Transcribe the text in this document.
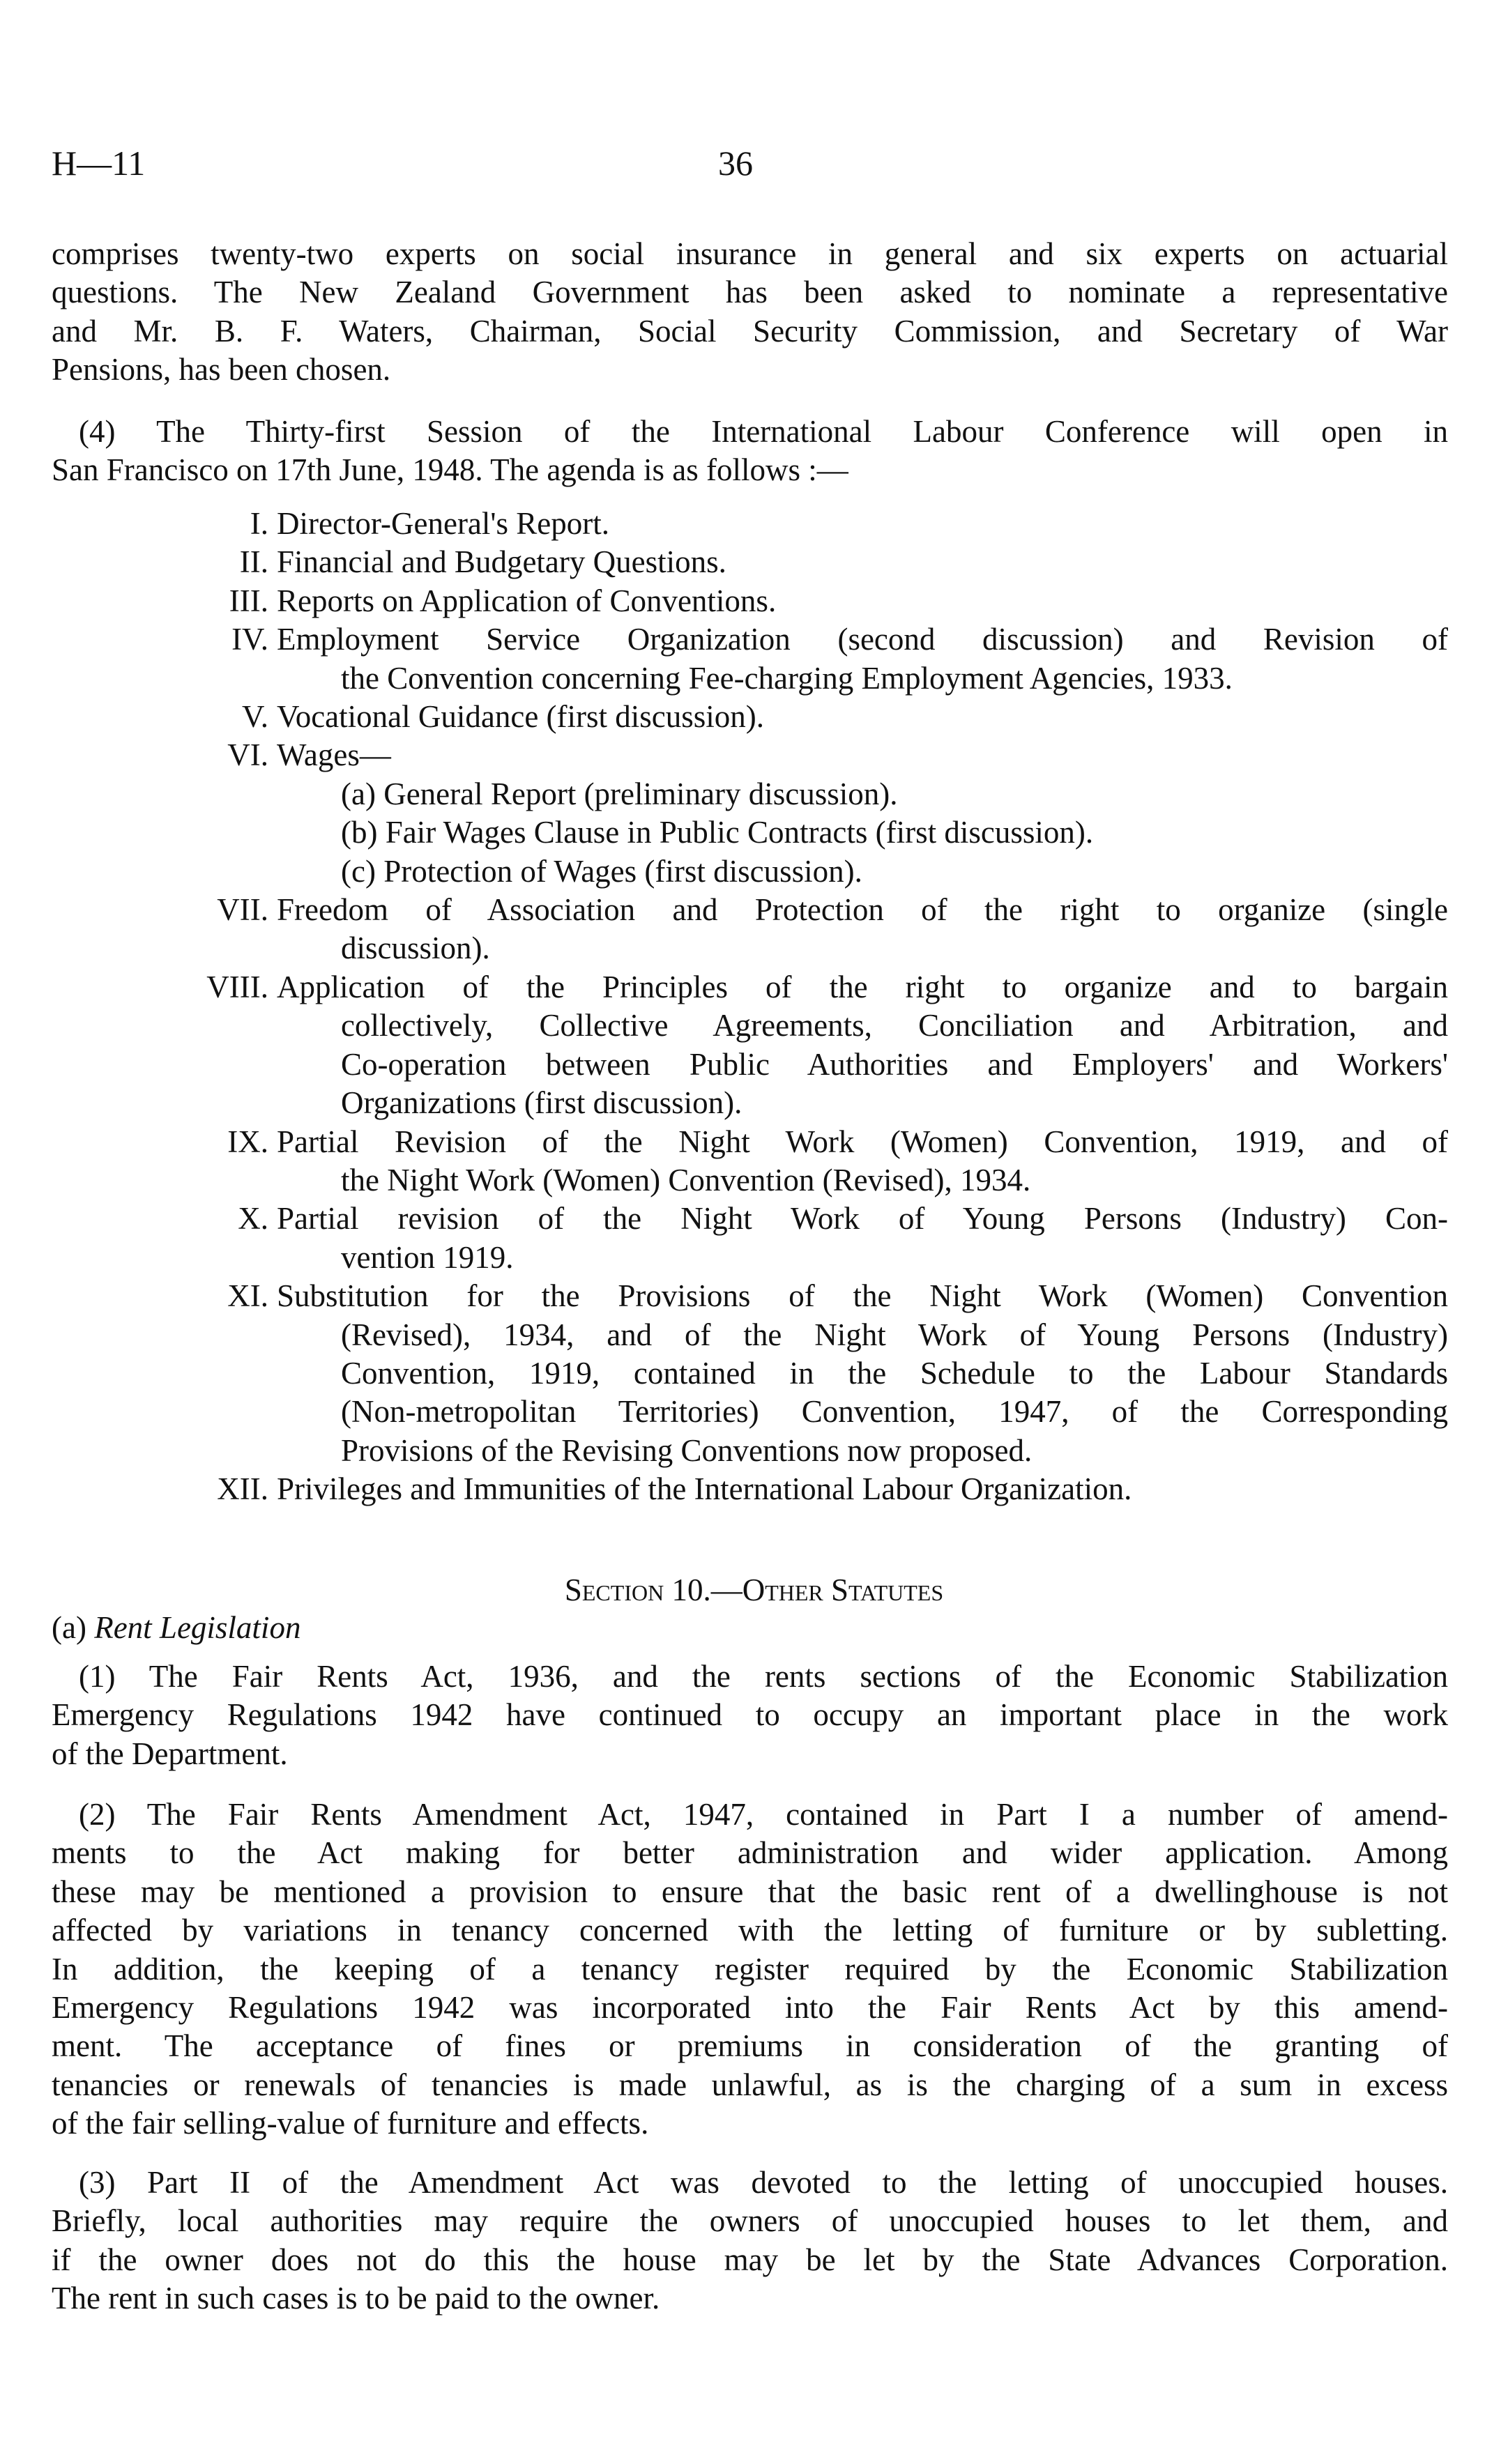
H—11	36
comprises twenty-two experts on social insurance in general and six experts on actuarial
questions. The New Zealand Government has been asked to nominate a representative
and Mr. B. F. Waters, Chairman, Social Security Commission, and Secretary of War
Pensions, has been chosen.
(4) The Thirty-first Session of the International Labour Conference will open in
San Francisco on 17th June, 1948. The agenda is as follows :—
I. Director-General's Report.
II. Financial and Budgetary Questions.
III. Reports on Application of Conventions.
IV. Employment Service Organization (second discussion) and Revision of
the Convention concerning Fee-charging Employment Agencies, 1933.
V. Vocational Guidance (first discussion).
VI. Wages—
(a) General Report (preliminary discussion).
(b) Fair Wages Clause in Public Contracts (first discussion).
(c) Protection of Wages (first discussion).
VII. Freedom of Association and Protection of the right to organize (single
discussion).
VIII. Application of the Principles of the right to organize and to bargain
collectively, Collective Agreements, Conciliation and Arbitration, and
Co-operation between Public Authorities and Employers' and Workers'
Organizations (first discussion).
IX. Partial Revision of the Night Work (Women) Convention, 1919, and of
the Night Work (Women) Convention (Revised), 1934.
X. Partial revision of the Night Work of Young Persons (Industry) Con-
vention 1919.
XI. Substitution for the Provisions of the Night Work (Women) Convention
(Revised), 1934, and of the Night Work of Young Persons (Industry)
Convention, 1919, contained in the Schedule to the Labour Standards
(Non-metropolitan Territories) Convention, 1947, of the Corresponding
Provisions of the Revising Conventions now proposed.
XII. Privileges and Immunities of the International Labour Organization.
Section 10.—Other Statutes
(a) Rent Legislation
(1) The Fair Rents Act, 1936, and the rents sections of the Economic Stabilization
Emergency Regulations 1942 have continued to occupy an important place in the work
of the Department.
(2) The Fair Rents Amendment Act, 1947, contained in Part I a number of amend-
ments to the Act making for better administration and wider application. Among
these may be mentioned a provision to ensure that the basic rent of a dwellinghouse is not
affected by variations in tenancy concerned with the letting of furniture or by subletting.
In addition, the keeping of a tenancy register required by the Economic Stabilization
Emergency Regulations 1942 was incorporated into the Fair Rents Act by this amend-
ment. The acceptance of fines or premiums in consideration of the granting of
tenancies or renewals of tenancies is made unlawful, as is the charging of a sum in excess
of the fair selling-value of furniture and effects.
(3) Part II of the Amendment Act was devoted to the letting of unoccupied houses.
Briefly, local authorities may require the owners of unoccupied houses to let them, and
if the owner does not do this the house may be let by the State Advances Corporation.
The rent in such cases is to be paid to the owner.
